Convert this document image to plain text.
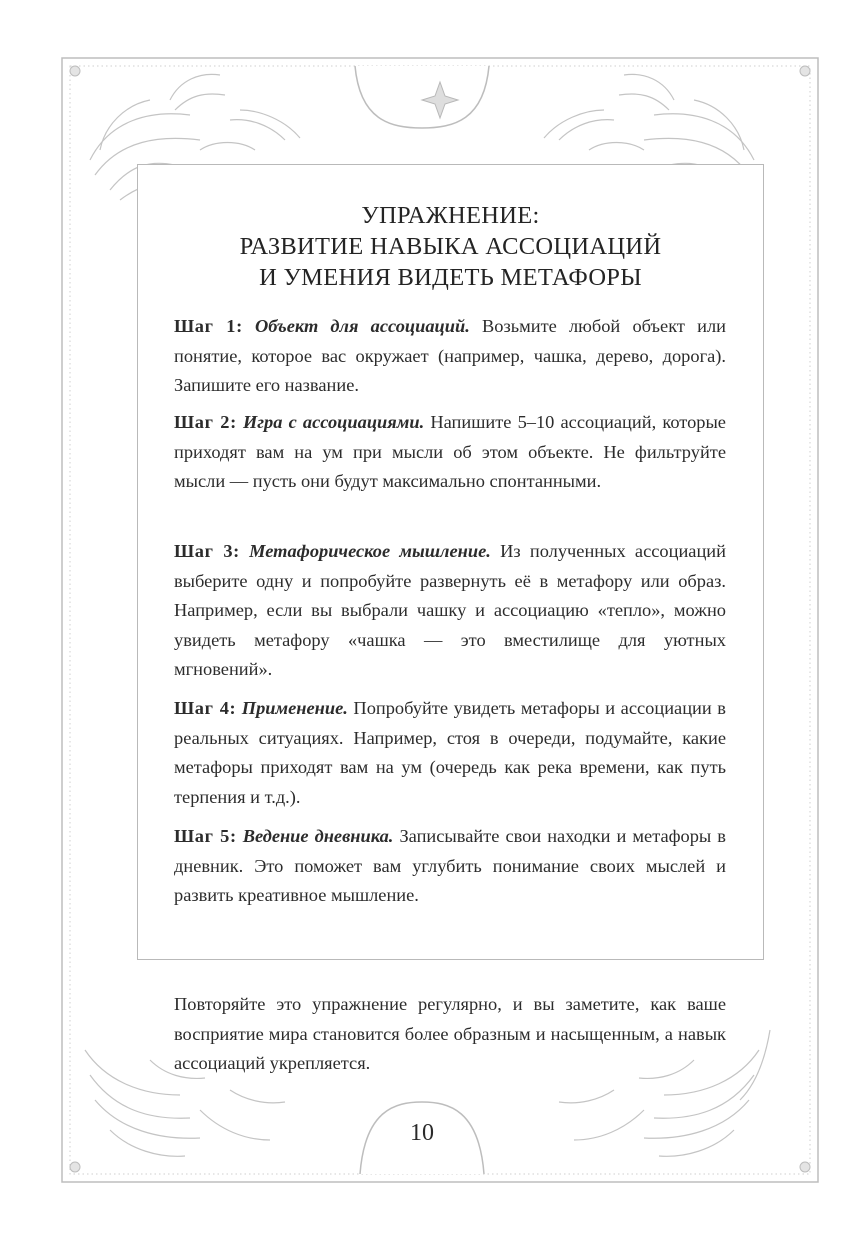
УПРАЖНЕНИЕ:
РАЗВИТИЕ НАВЫКА АССОЦИАЦИЙ
И УМЕНИЯ ВИДЕТЬ МЕТАФОРЫ

Шаг 1: Объект для ассоциаций. Возьмите любой объект или понятие, которое вас окружает (например, чашка, дерево, дорога). Запишите его название.

Шаг 2: Игра с ассоциациями. Напишите 5–10 ассоциаций, которые приходят вам на ум при мысли об этом объекте. Не фильтруйте мысли — пусть они будут максимально спонтанными.

Шаг 3: Метафорическое мышление. Из полученных ассоциаций выберите одну и попробуйте развернуть её в метафору или образ. Например, если вы выбрали чашку и ассоциацию «тепло», можно увидеть метафору «чашка — это вместилище для уютных мгновений».

Шаг 4: Применение. Попробуйте увидеть метафоры и ассоциации в реальных ситуациях. Например, стоя в очереди, подумайте, какие метафоры приходят вам на ум (очередь как река времени, как путь терпения и т.д.).

Шаг 5: Ведение дневника. Записывайте свои находки и метафоры в дневник. Это поможет вам углубить понимание своих мыслей и развить креативное мышление.

Повторяйте это упражнение регулярно, и вы заметите, как ваше восприятие мира становится более образным и насыщенным, а навык ассоциаций укрепляется.

10
